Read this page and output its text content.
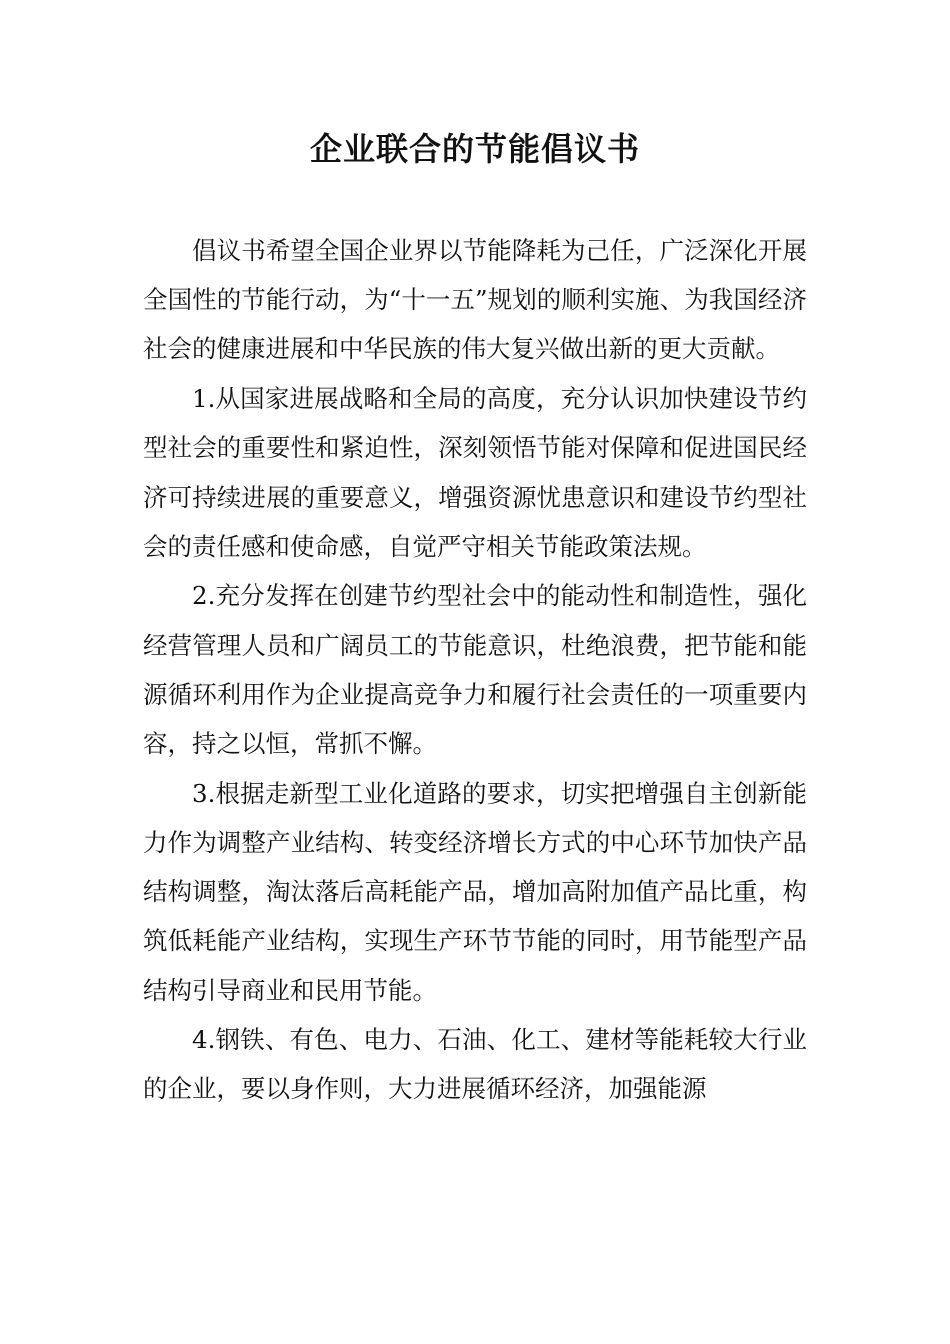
企业联合的节能倡议书

倡议书希望全国企业界以节能降耗为己任，广泛深化开展全国性的节能行动，为“十一五”规划的顺利实施、为我国经济社会的健康进展和中华民族的伟大复兴做出新的更大贡献。

1.从国家进展战略和全局的高度，充分认识加快建设节约型社会的重要性和紧迫性，深刻领悟节能对保障和促进国民经济可持续进展的重要意义，增强资源忧患意识和建设节约型社会的责任感和使命感，自觉严守相关节能政策法规。

2.充分发挥在创建节约型社会中的能动性和制造性，强化经营管理人员和广阔员工的节能意识，杜绝浪费，把节能和能源循环利用作为企业提高竞争力和履行社会责任的一项重要内容，持之以恒，常抓不懈。

3.根据走新型工业化道路的要求，切实把增强自主创新能力作为调整产业结构、转变经济增长方式的中心环节加快产品结构调整，淘汰落后高耗能产品，增加高附加值产品比重，构筑低耗能产业结构，实现生产环节节能的同时，用节能型产品结构引导商业和民用节能。

4.钢铁、有色、电力、石油、化工、建材等能耗较大行业的企业，要以身作则，大力进展循环经济，加强能源
